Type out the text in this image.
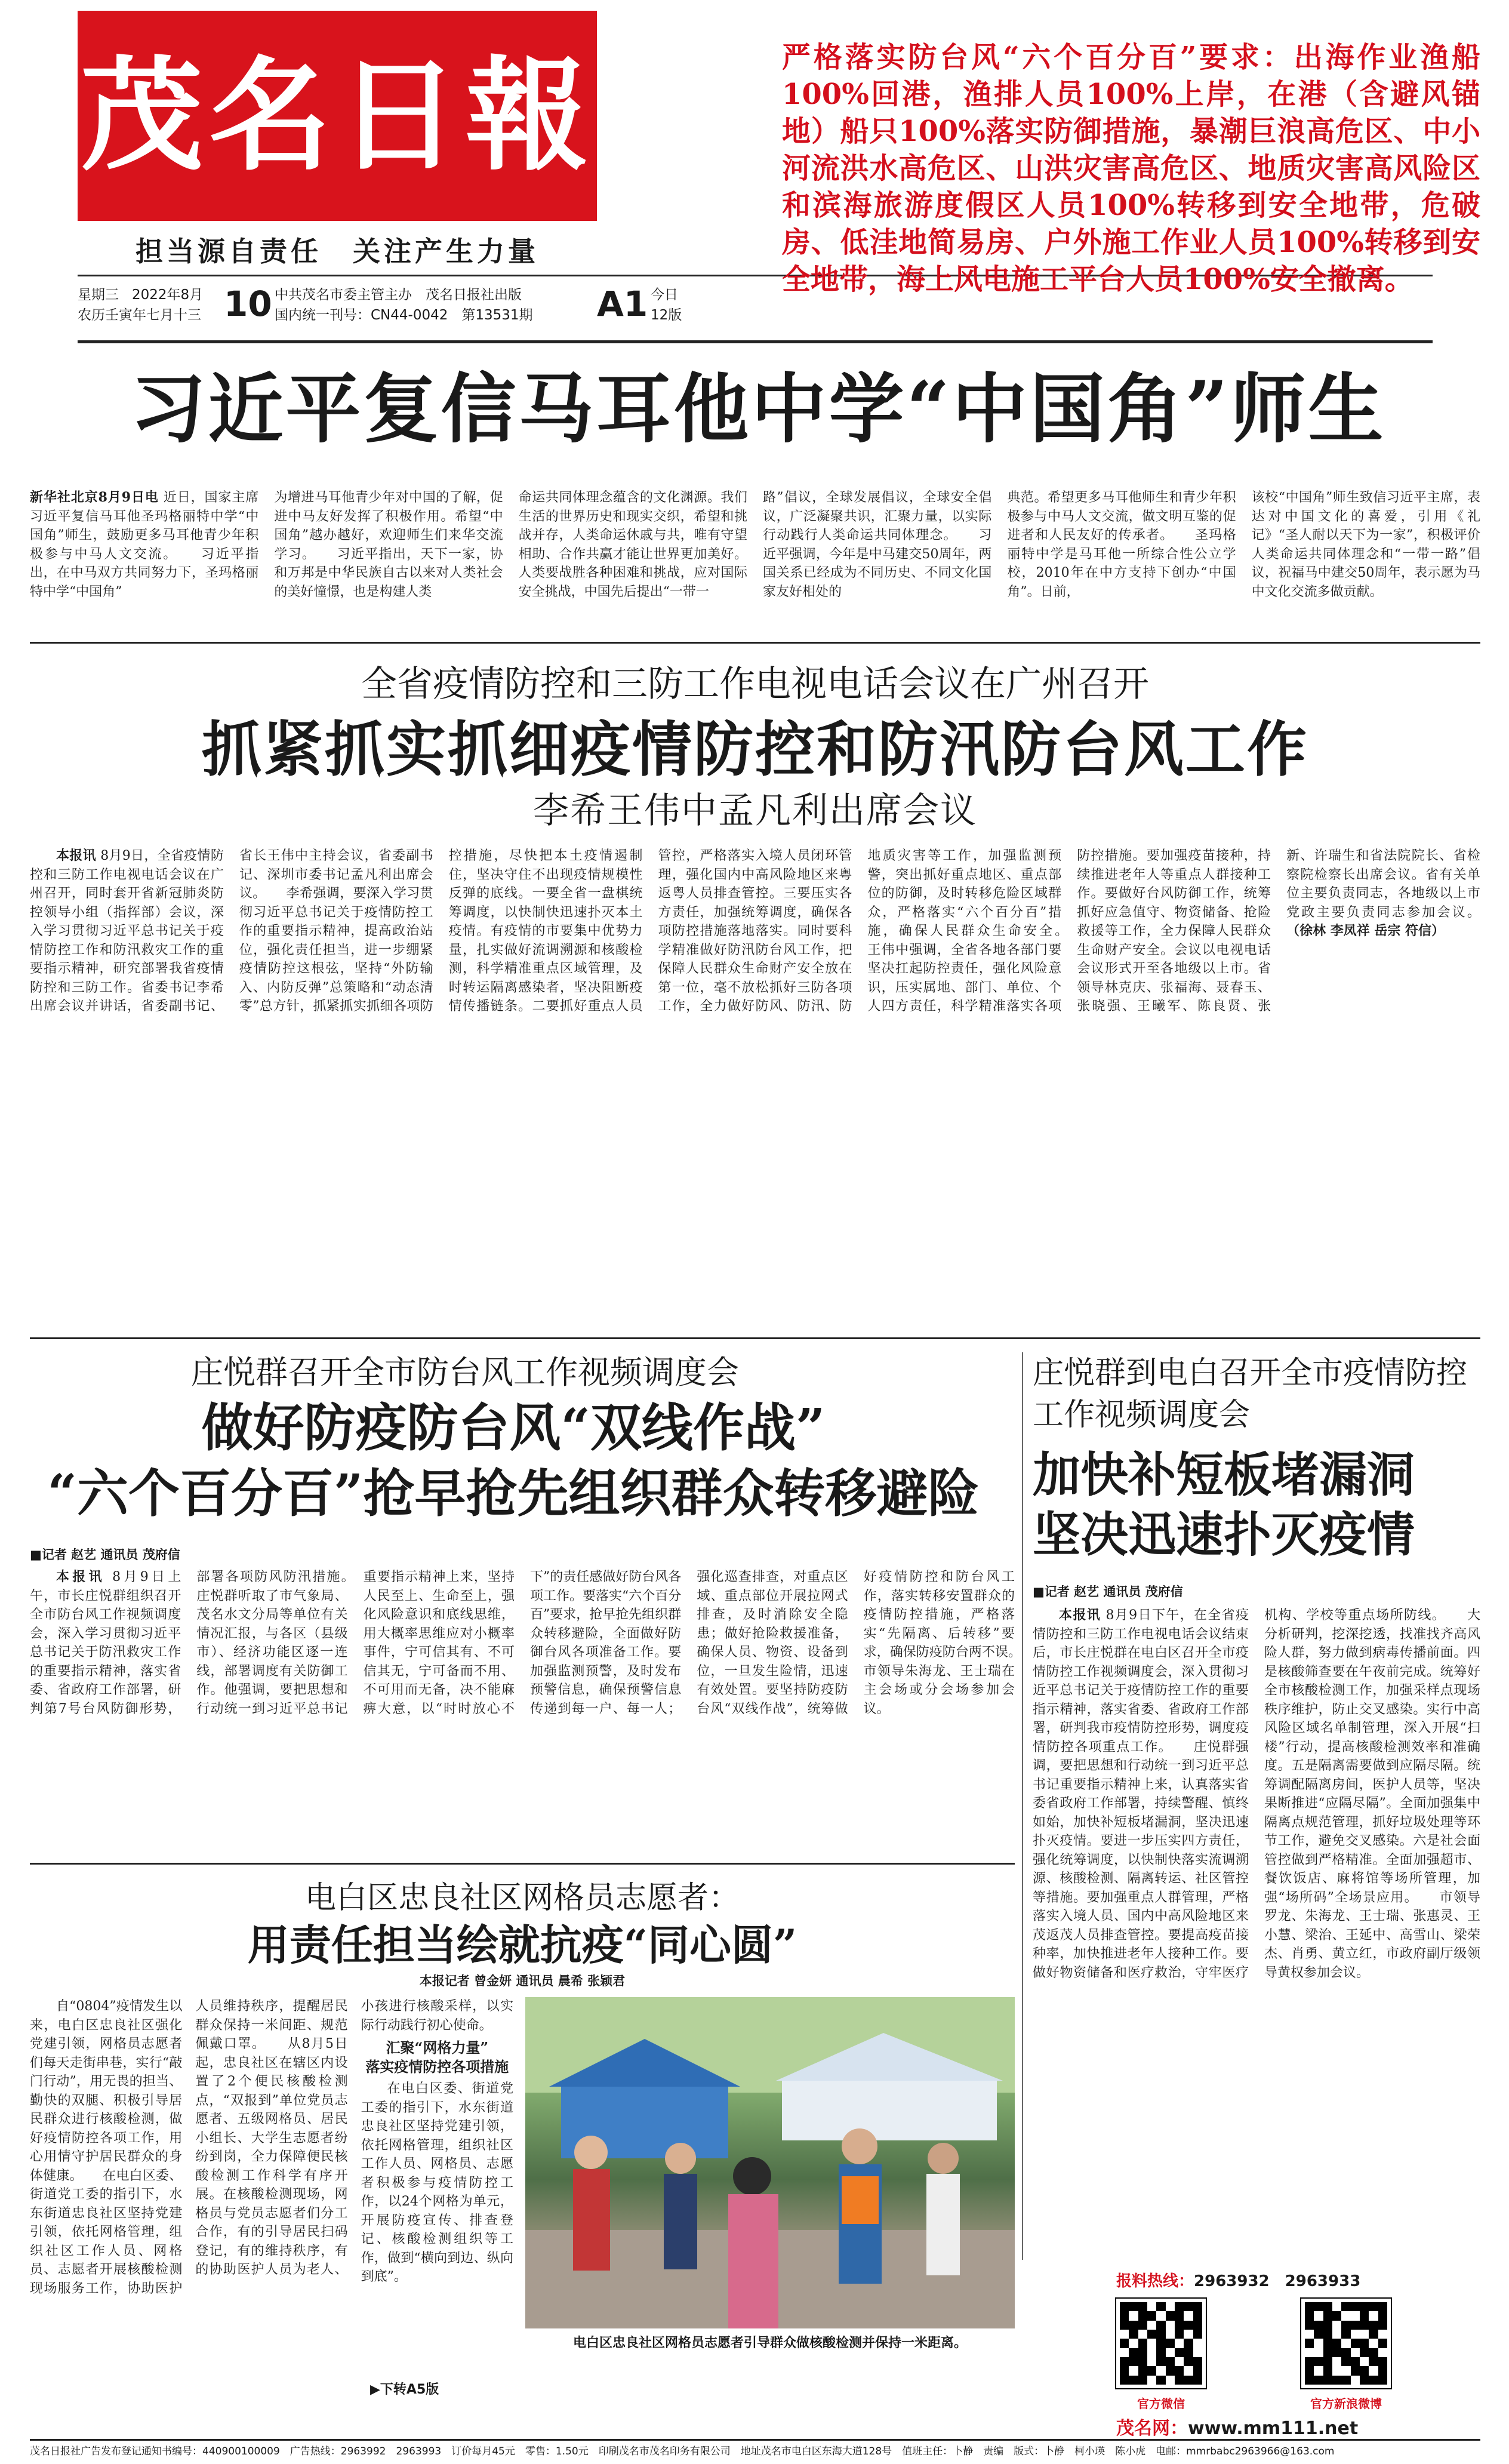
茂名日報
担当源自责任　关注产生力量
星期三 2022年8月
农历壬寅年七月十三 10 中共茂名市委主管主办　茂名日报社出版
国内统一刊号：CN44-0042　第13531期 A1 今日
12版
严格落实防台风“六个百分百”要求：出海作业渔船100%回港，渔排人员100%上岸，在港（含避风锚地）船只100%落实防御措施，暴潮巨浪高危区、中小河流洪水高危区、山洪灾害高危区、地质灾害高风险区和滨海旅游度假区人员100%转移到安全地带，危破房、低洼地简易房、户外施工作业人员100%转移到安全地带，海上风电施工平台人员100%安全撤离。
习近平复信马耳他中学“中国角”师生
新华社北京8月9日电 近日，国家主席习近平复信马耳他圣玛格丽特中学“中国角”师生，鼓励更多马耳他青少年积极参与中马人文交流。　　习近平指出，在中马双方共同努力下，圣玛格丽特中学“中国角”
为增进马耳他青少年对中国的了解，促进中马友好发挥了积极作用。希望“中国角”越办越好，欢迎师生们来华交流学习。　　习近平指出，天下一家，协和万邦是中华民族自古以来对人类社会的美好憧憬，也是构建人类
命运共同体理念蕴含的文化渊源。我们生活的世界历史和现实交织，希望和挑战并存，人类命运休戚与共，唯有守望相助、合作共赢才能让世界更加美好。人类要战胜各种困难和挑战，应对国际安全挑战，中国先后提出“一带一
路”倡议，全球发展倡议，全球安全倡议，广泛凝聚共识，汇聚力量，以实际行动践行人类命运共同体理念。　　习近平强调，今年是中马建交50周年，两国关系已经成为不同历史、不同文化国家友好相处的
典范。希望更多马耳他师生和青少年积极参与中马人文交流，做文明互鉴的促进者和人民友好的传承者。　　圣玛格丽特中学是马耳他一所综合性公立学校，2010年在中方支持下创办“中国角”。日前，
该校“中国角”师生致信习近平主席，表达对中国文化的喜爱，引用《礼记》“圣人耐以天下为一家”，积极评价人类命运共同体理念和“一带一路”倡议，祝福马中建交50周年，表示愿为马中文化交流多做贡献。
全省疫情防控和三防工作电视电话会议在广州召开
抓紧抓实抓细疫情防控和防汛防台风工作
李希王伟中孟凡利出席会议

本报讯 8月9日，全省疫情防控和三防工作电视电话会议在广州召开，同时套开省新冠肺炎防控领导小组（指挥部）会议，深入学习贯彻习近平总书记关于疫情防控工作和防汛救灾工作的重要指示精神，研究部署我省疫情防控和三防工作。省委书记李希出席会议并讲话，省委副书记、省长王伟中主持会议，省委副书记、深圳市委书记孟凡利出席会议。　　李希强调，要深入学习贯彻习近平总书记关于疫情防控工作的重要指示精神，提高政治站位，强化责任担当，进一步绷紧疫情防控这根弦，坚持“外防输入、内防反弹”总策略和“动态清零”总方针，抓紧抓实抓细各项防控措施，尽快把本土疫情遏制住，坚决守住不出现疫情规模性反弹的底线。一要全省一盘棋统筹调度，以快制快迅速扑灭本土疫情。有疫情的市要集中优势力量，扎实做好流调溯源和核酸检测，科学精准重点区域管理，及时转运隔离感染者，坚决阻断疫情传播链条。二要抓好重点人员管控，严格落实入境人员闭环管理，强化国内中高风险地区来粤返粤人员排查管控。三要压实各方责任，加强统筹调度，确保各项防控措施落地落实。同时要科学精准做好防汛防台风工作，把保障人民群众生命财产安全放在第一位，毫不放松抓好三防各项工作，全力做好防风、防汛、防地质灾害等工作，加强监测预警，突出抓好重点地区、重点部位的防御，及时转移危险区域群众，严格落实“六个百分百”措施，确保人民群众生命安全。　　王伟中强调，全省各地各部门要坚决扛起防控责任，强化风险意识，压实属地、部门、单位、个人四方责任，科学精准落实各项防控措施。要加强疫苗接种，持续推进老年人等重点人群接种工作。要做好台风防御工作，统筹抓好应急值守、物资储备、抢险救援等工作，全力保障人民群众生命财产安全。会议以电视电话会议形式开至各地级以上市。省领导林克庆、张福海、聂春玉、张晓强、王曦军、陈良贤、张新、许瑞生和省法院院长、省检察院检察长出席会议。省有关单位主要负责同志，各地级以上市党政主要负责同志参加会议。 （徐林 李凤祥 岳宗 符信）

庄悦群召开全市防台风工作视频调度会
做好防疫防台风“双线作战”
“六个百分百”抢早抢先组织群众转移避险
■记者 赵艺 通讯员 茂府信

本报讯 8月9日上午，市长庄悦群组织召开全市防台风工作视频调度会，深入学习贯彻习近平总书记关于防汛救灾工作的重要指示精神，落实省委、省政府工作部署，研判第7号台风防御形势，部署各项防风防汛措施。　　庄悦群听取了市气象局、茂名水文分局等单位有关情况汇报，与各区（县级市）、经济功能区逐一连线，部署调度有关防御工作。他强调，要把思想和行动统一到习近平总书记重要指示精神上来，坚持人民至上、生命至上，强化风险意识和底线思维，用大概率思维应对小概率事件，宁可信其有、不可信其无，宁可备而不用、不可用而无备，决不能麻痹大意，以“时时放心不下”的责任感做好防台风各项工作。要落实“六个百分百”要求，抢早抢先组织群众转移避险，全面做好防御台风各项准备工作。要加强监测预警，及时发布预警信息，确保预警信息传递到每一户、每一人；强化巡查排查，对重点区域、重点部位开展拉网式排查，及时消除安全隐患；做好抢险救援准备，确保人员、物资、设备到位，一旦发生险情，迅速有效处置。要坚持防疫防台风“双线作战”，统筹做好疫情防控和防台风工作，落实转移安置群众的疫情防控措施，严格落实“先隔离、后转移”要求，确保防疫防台两不误。　　市领导朱海龙、王士瑞在主会场或分会场参加会议。

庄悦群到电白召开全市疫情防控工作视频调度会
加快补短板堵漏洞
坚决迅速扑灭疫情
■记者 赵艺 通讯员 茂府信

本报讯 8月9日下午，在全省疫情防控和三防工作电视电话会议结束后，市长庄悦群在电白区召开全市疫情防控工作视频调度会，深入贯彻习近平总书记关于疫情防控工作的重要指示精神，落实省委、省政府工作部署，研判我市疫情防控形势，调度疫情防控各项重点工作。　　庄悦群强调，要把思想和行动统一到习近平总书记重要指示精神上来，认真落实省委省政府工作部署，持续警醒、慎终如始，加快补短板堵漏洞，坚决迅速扑灭疫情。要进一步压实四方责任，强化统筹调度，以快制快落实流调溯源、核酸检测、隔离转运、社区管控等措施。要加强重点人群管理，严格落实入境人员、国内中高风险地区来茂返茂人员排查管控。要提高疫苗接种率，加快推进老年人接种工作。要做好物资储备和医疗救治，守牢医疗机构、学校等重点场所防线。　　大分析研判，挖深挖透，找准找齐高风险人群，努力做到病毒传播前面。四是核酸筛查要在午夜前完成。统筹好全市核酸检测工作，加强采样点现场秩序维护，防止交叉感染。实行中高风险区域名单制管理，深入开展“扫楼”行动，提高核酸检测效率和准确度。五是隔离需要做到应隔尽隔。统筹调配隔离房间，医护人员等，坚决果断推进“应隔尽隔”。全面加强集中隔离点规范管理，抓好垃圾处理等环节工作，避免交叉感染。六是社会面管控做到严格精准。全面加强超市、餐饮饭店、麻将馆等场所管理，加强“场所码”全场景应用。　　市领导罗龙、朱海龙、王士瑞、张惠灵、王小慧、梁治、王延中、高雪山、梁荣杰、肖勇、黄立红，市政府副厅级领导黄权参加会议。

电白区忠良社区网格员志愿者：
用责任担当绘就抗疫“同心圆”
本报记者 曾金妍 通讯员 晨希 张颖君

自“0804”疫情发生以来，电白区忠良社区强化党建引领，网格员志愿者们每天走街串巷，实行“敲门行动”，用无畏的担当、勤快的双腿、积极引导居民群众进行核酸检测，做好疫情防控各项工作，用心用情守护居民群众的身体健康。　　在电白区委、街道党工委的指引下，水东街道忠良社区坚持党建引领，依托网格管理，组织社区工作人员、网格员、志愿者开展核酸检测现场服务工作，协助医护人员维持秩序，提醒居民群众保持一米间距、规范佩戴口罩。　　从8月5日起，忠良社区在辖区内设置了2个便民核酸检测点，“双报到”单位党员志愿者、五级网格员、居民小组长、大学生志愿者纷纷到岗，全力保障便民核酸检测工作科学有序开展。在核酸检测现场，网格员与党员志愿者们分工合作，有的引导居民扫码登记，有的维持秩序，有的协助医护人员为老人、小孩进行核酸采样，以实际行动践行初心使命。

汇聚“网格力量”
落实疫情防控各项措施

在电白区委、街道党工委的指引下，水东街道忠良社区坚持党建引领，依托网格管理，组织社区工作人员、网格员、志愿者积极参与疫情防控工作，以24个网格为单元，开展防疫宣传、排查登记、核酸检测组织等工作，做到“横向到边、纵向到底”。

▶下转A5版
电白区忠良社区网格员志愿者引导群众做核酸检测并保持一米距离。
报料热线：2963932　2963933
官方微信	官方新浪微博
茂名网：www.mm111.net
茂名日报社广告发布登记通知书编号：440900100009　广告热线：2963992　2963993　订价每月45元　零售：1.50元　印刷茂名市茂名印务有限公司　地址茂名市电白区东海大道128号　值班主任：卜静　责编　版式：卜静　柯小瑛　陈小虎　电邮：mmrbabc2963966@163.com
